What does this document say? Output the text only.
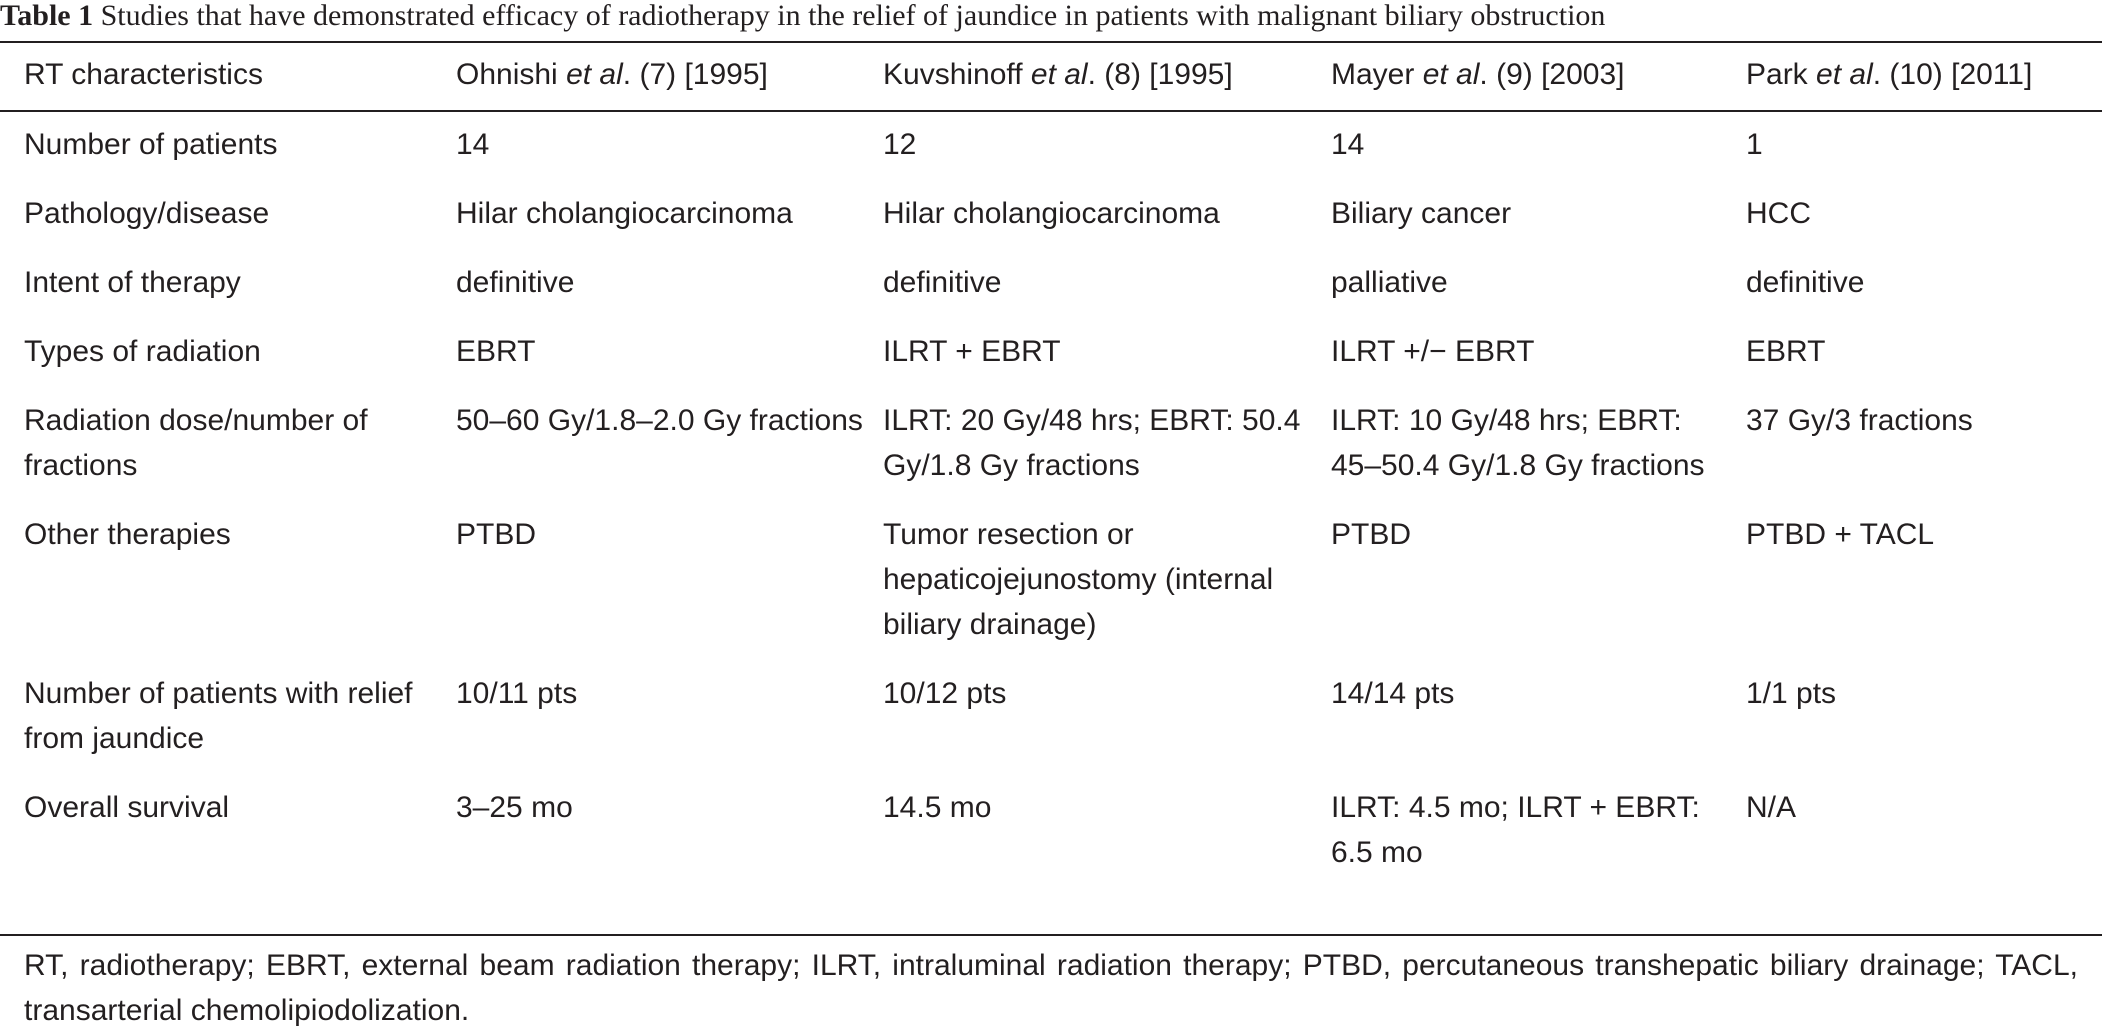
Table 1 Studies that have demonstrated efficacy of radiotherapy in the relief of jaundice in patients with malignant biliary obstruction
RT characteristics	Ohnishi et al. (7) [1995]	Kuvshinoff et al. (8) [1995]	Mayer et al. (9) [2003]	Park et al. (10) [2011]
Number of patients	14	12	14	1
Pathology/disease	Hilar cholangiocarcinoma	Hilar cholangiocarcinoma	Biliary cancer	HCC
Intent of therapy	definitive	definitive	palliative	definitive
Types of radiation	EBRT	ILRT + EBRT	ILRT +/− EBRT	EBRT
Radiation dose/number of fractions	50–60 Gy/1.8–2.0 Gy fractions	ILRT: 20 Gy/48 hrs; EBRT: 50.4 Gy/1.8 Gy fractions	ILRT: 10 Gy/48 hrs; EBRT: 45–50.4 Gy/1.8 Gy fractions	37 Gy/3 fractions
Other therapies	PTBD	Tumor resection or hepaticojejunostomy (internal biliary drainage)	PTBD	PTBD + TACL
Number of patients with relief from jaundice	10/11 pts	10/12 pts	14/14 pts	1/1 pts
Overall survival	3–25 mo	14.5 mo	ILRT: 4.5 mo; ILRT + EBRT: 6.5 mo	N/A
RT, radiotherapy; EBRT, external beam radiation therapy; ILRT, intraluminal radiation therapy; PTBD, percutaneous transhepatic biliary drainage; TACL, transarterial chemolipiodolization.
